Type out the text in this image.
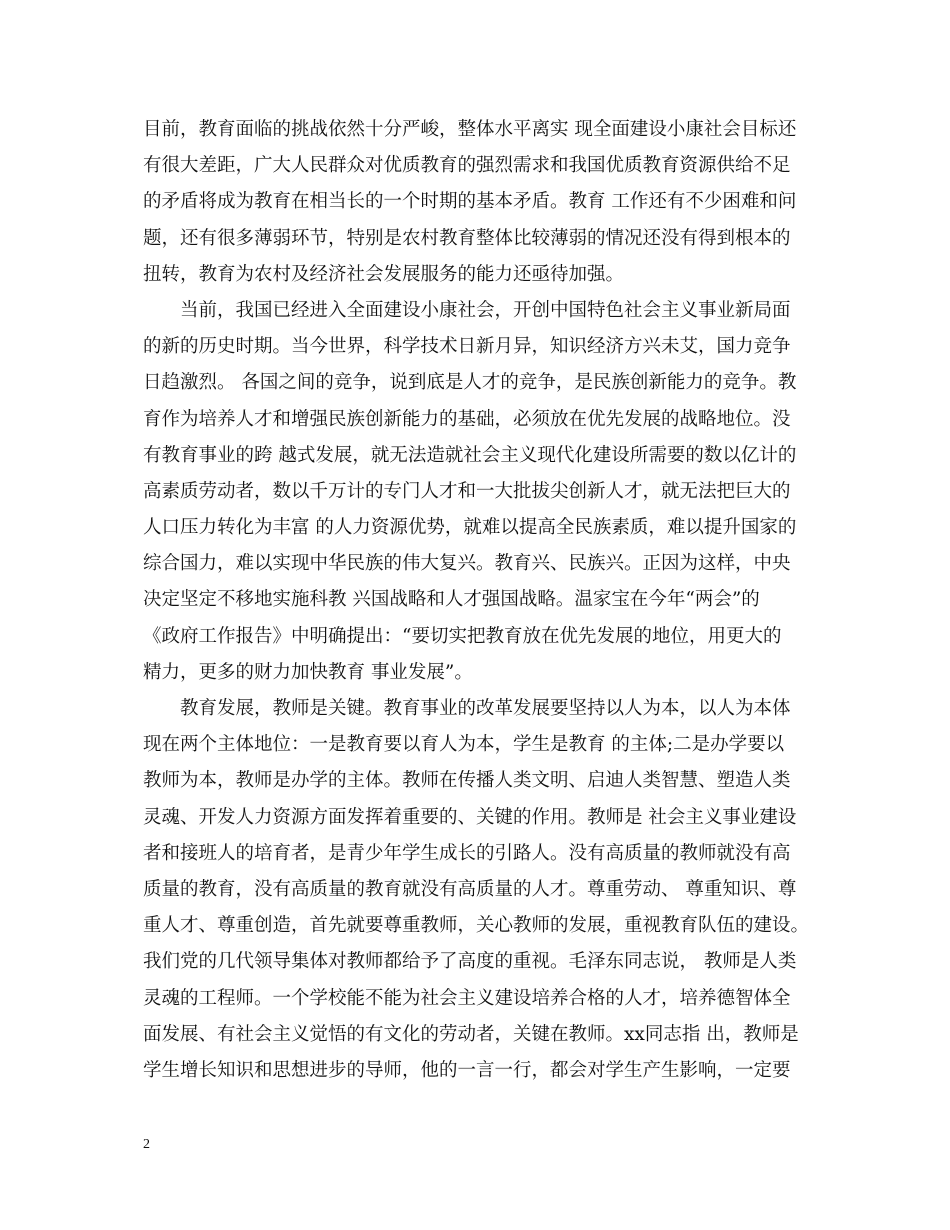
目前，教育面临的挑战依然十分严峻，整体水平离实 现全面建设小康社会目标还
有很大差距，广大人民群众对优质教育的强烈需求和我国优质教育资源供给不足
的矛盾将成为教育在相当长的一个时期的基本矛盾。教育 工作还有不少困难和问
题，还有很多薄弱环节，特别是农村教育整体比较薄弱的情况还没有得到根本的
扭转，教育为农村及经济社会发展服务的能力还亟待加强。
当前，我国已经进入全面建设小康社会，开创中国特色社会主义事业新局面
的新的历史时期。当今世界，科学技术日新月异，知识经济方兴未艾，国力竞争
日趋激烈。 各国之间的竞争，说到底是人才的竞争，是民族创新能力的竞争。教
育作为培养人才和增强民族创新能力的基础，必须放在优先发展的战略地位。没
有教育事业的跨 越式发展，就无法造就社会主义现代化建设所需要的数以亿计的
高素质劳动者，数以千万计的专门人才和一大批拔尖创新人才，就无法把巨大的
人口压力转化为丰富 的人力资源优势，就难以提高全民族素质，难以提升国家的
综合国力，难以实现中华民族的伟大复兴。教育兴、民族兴。正因为这样，中央
决定坚定不移地实施科教 兴国战略和人才强国战略。温家宝在今年“两会”的
《政府工作报告》中明确提出：“要切实把教育放在优先发展的地位，用更大的
精力，更多的财力加快教育 事业发展”。
教育发展，教师是关键。教育事业的改革发展要坚持以人为本，以人为本体
现在两个主体地位：一是教育要以育人为本，学生是教育 的主体;二是办学要以
教师为本，教师是办学的主体。教师在传播人类文明、启迪人类智慧、塑造人类
灵魂、开发人力资源方面发挥着重要的、关键的作用。教师是 社会主义事业建设
者和接班人的培育者，是青少年学生成长的引路人。没有高质量的教师就没有高
质量的教育，没有高质量的教育就没有高质量的人才。尊重劳动、 尊重知识、尊
重人才、尊重创造，首先就要尊重教师，关心教师的发展，重视教育队伍的建设。
我们党的几代领导集体对教师都给予了高度的重视。毛泽东同志说， 教师是人类
灵魂的工程师。一个学校能不能为社会主义建设培养合格的人才，培养德智体全
面发展、有社会主义觉悟的有文化的劳动者，关键在教师。xx同志指 出，教师是
学生增长知识和思想进步的导师，他的一言一行，都会对学生产生影响，一定要
2
